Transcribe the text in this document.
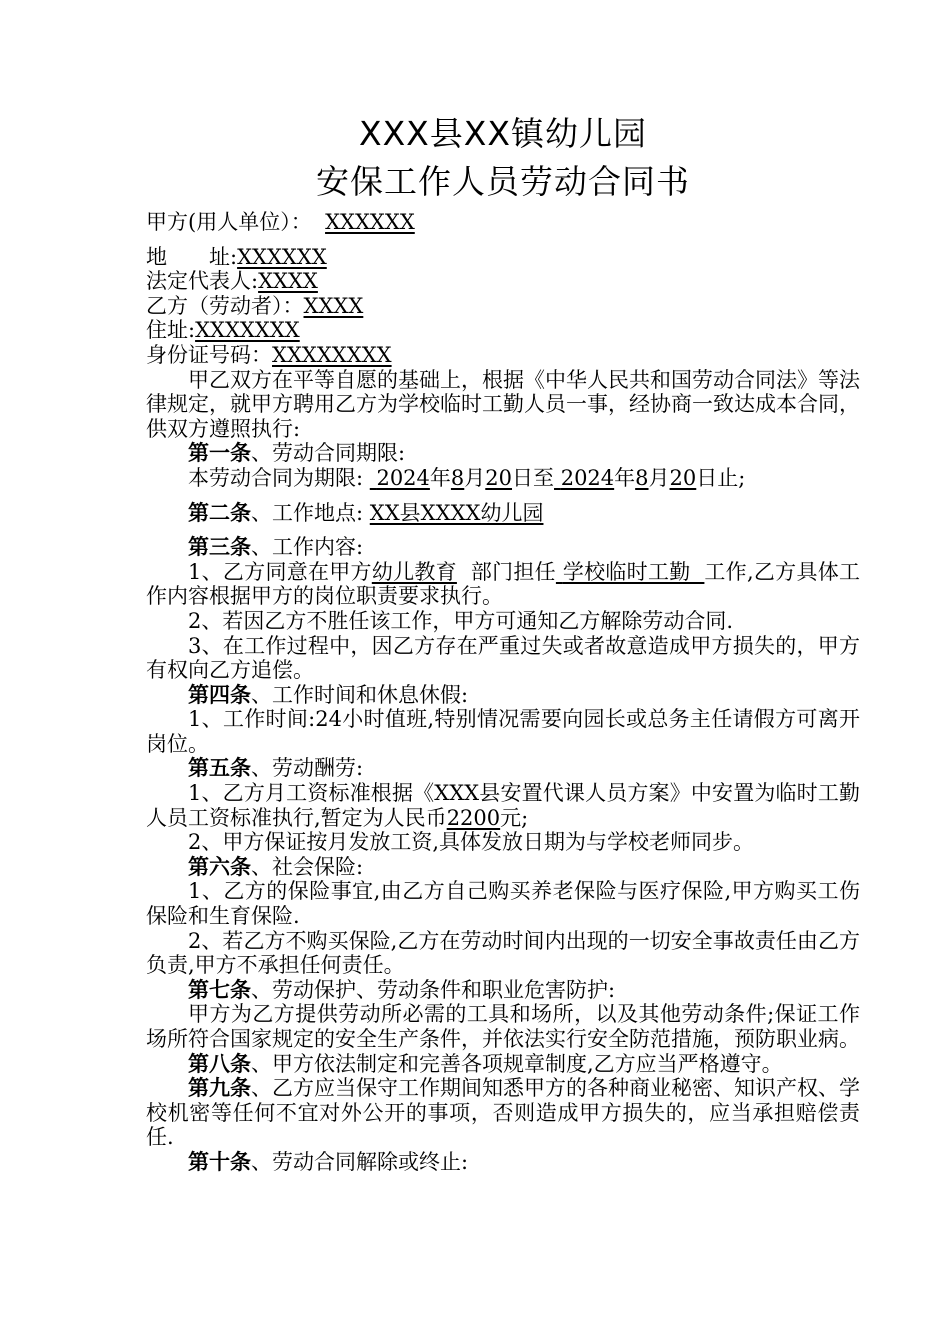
XXX县XX镇幼儿园
安保工作人员劳动合同书
甲方(用人单位）： XXXXXX
地　　址:XXXXXX
法定代表人:XXXX
乙方（劳动者）：XXXX
住址:XXXXXXX
身份证号码：XXXXXXXX
甲乙双方在平等自愿的基础上，根据《中华人民共和国劳动合同法》等法律规定，就甲方聘用乙方为学校临时工勤人员一事，经协商一致达成本合同，供双方遵照执行:
第一条、劳动合同期限:
本劳动合同为期限: 2024年8月20日至 2024年8月20日止;
第二条、工作地点: XX县XXXX幼儿园
第三条、工作内容:
1、乙方同意在甲方幼儿教育 部门担任 学校临时工勤 工作,乙方具体工作内容根据甲方的岗位职责要求执行。
2、若因乙方不胜任该工作，甲方可通知乙方解除劳动合同.
3、在工作过程中，因乙方存在严重过失或者故意造成甲方损失的，甲方有权向乙方追偿。
第四条、工作时间和休息休假:
1、工作时间:24小时值班,特别情况需要向园长或总务主任请假方可离开岗位。
第五条、劳动酬劳:
1、乙方月工资标准根据《XXX县安置代课人员方案》中安置为临时工勤人员工资标准执行,暂定为人民币2200元;
2、甲方保证按月发放工资,具体发放日期为与学校老师同步。
第六条、社会保险:
1、乙方的保险事宜,由乙方自己购买养老保险与医疗保险,甲方购买工伤保险和生育保险.
2、若乙方不购买保险,乙方在劳动时间内出现的一切安全事故责任由乙方负责,甲方不承担任何责任。
第七条、劳动保护、劳动条件和职业危害防护:
甲方为乙方提供劳动所必需的工具和场所，以及其他劳动条件;保证工作场所符合国家规定的安全生产条件，并依法实行安全防范措施，预防职业病。
第八条、甲方依法制定和完善各项规章制度,乙方应当严格遵守。
第九条、乙方应当保守工作期间知悉甲方的各种商业秘密、知识产权、学校机密等任何不宜对外公开的事项，否则造成甲方损失的，应当承担赔偿责任.
第十条、劳动合同解除或终止:
